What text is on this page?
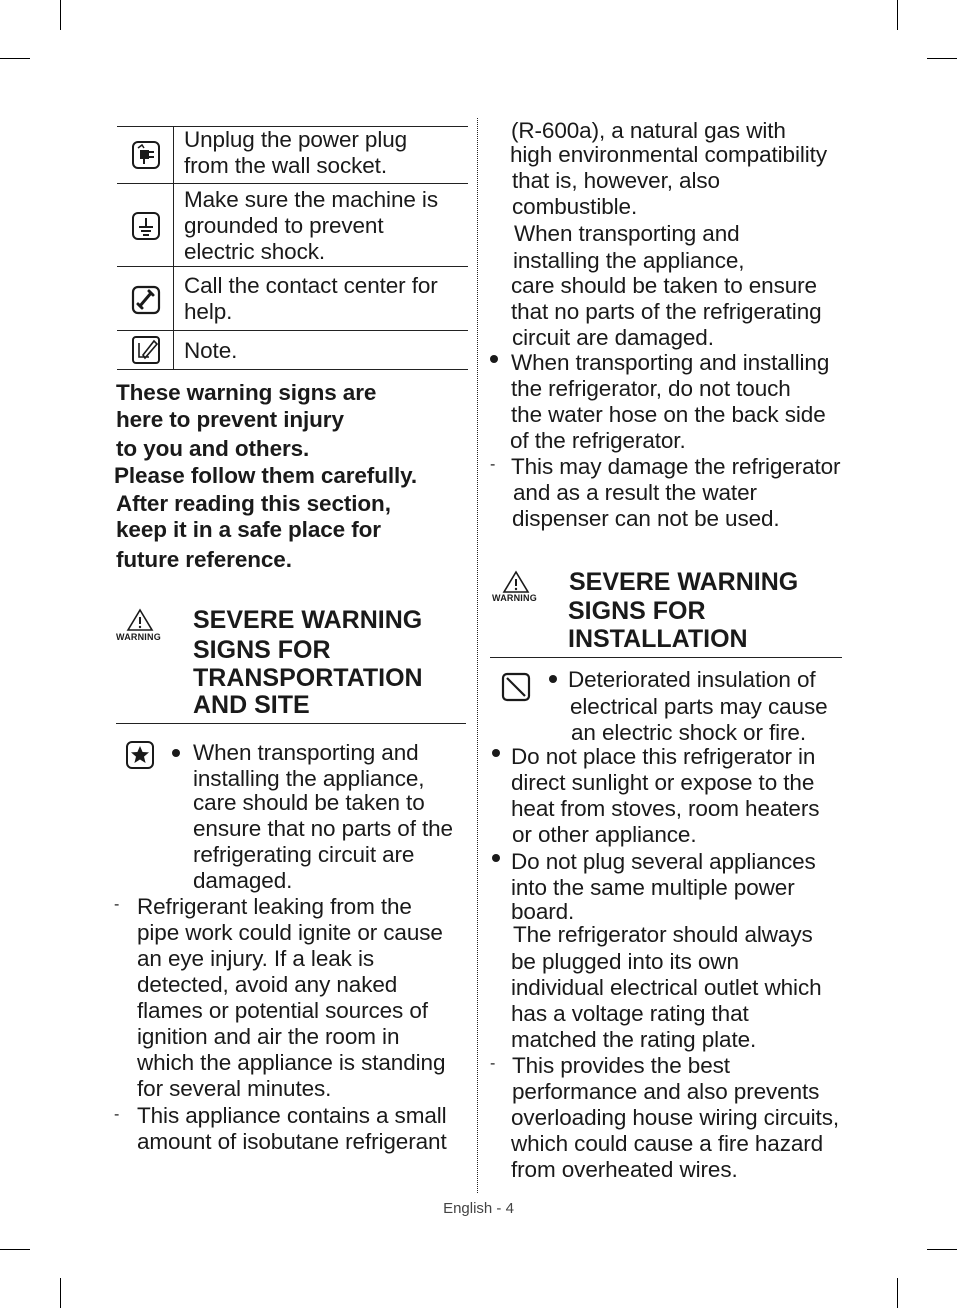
Unplug the power plug
from the wall socket.
Make sure the machine is
grounded to prevent
electric shock.
Call the contact center for
help.
Note.
These warning signs are
here to prevent injury
to you and others.
Please follow them carefully.
After reading this section,
keep it in a safe place for
future reference.
WARNING
SEVERE WARNING
SIGNS FOR
TRANSPORTATION
AND SITE
When transporting and
installing the appliance,
care should be taken to
ensure that no parts of the
refrigerating circuit are
damaged.
- Refrigerant leaking from the
pipe work could ignite or cause
an eye injury. If a leak is
detected, avoid any naked
flames or potential sources of
ignition and air the room in
which the appliance is standing
for several minutes.
- This appliance contains a small
amount of isobutane refrigerant
(R-600a), a natural gas with
high environmental compatibility
that is, however, also
combustible.
When transporting and
installing the appliance,
care should be taken to ensure
that no parts of the refrigerating
circuit are damaged.
When transporting and installing
the refrigerator, do not touch
the water hose on the back side
of the refrigerator.
- This may damage the refrigerator
and as a result the water
dispenser can not be used.
WARNING
SEVERE WARNING
SIGNS FOR
INSTALLATION
Deteriorated insulation of
electrical parts may cause
an electric shock or fire.
Do not place this refrigerator in
direct sunlight or expose to the
heat from stoves, room heaters
or other appliance.
Do not plug several appliances
into the same multiple power
board.
The refrigerator should always
be plugged into its own
individual electrical outlet which
has a voltage rating that
matched the rating plate.
- This provides the best
performance and also prevents
overloading house wiring circuits,
which could cause a fire hazard
from overheated wires.
English - 4
